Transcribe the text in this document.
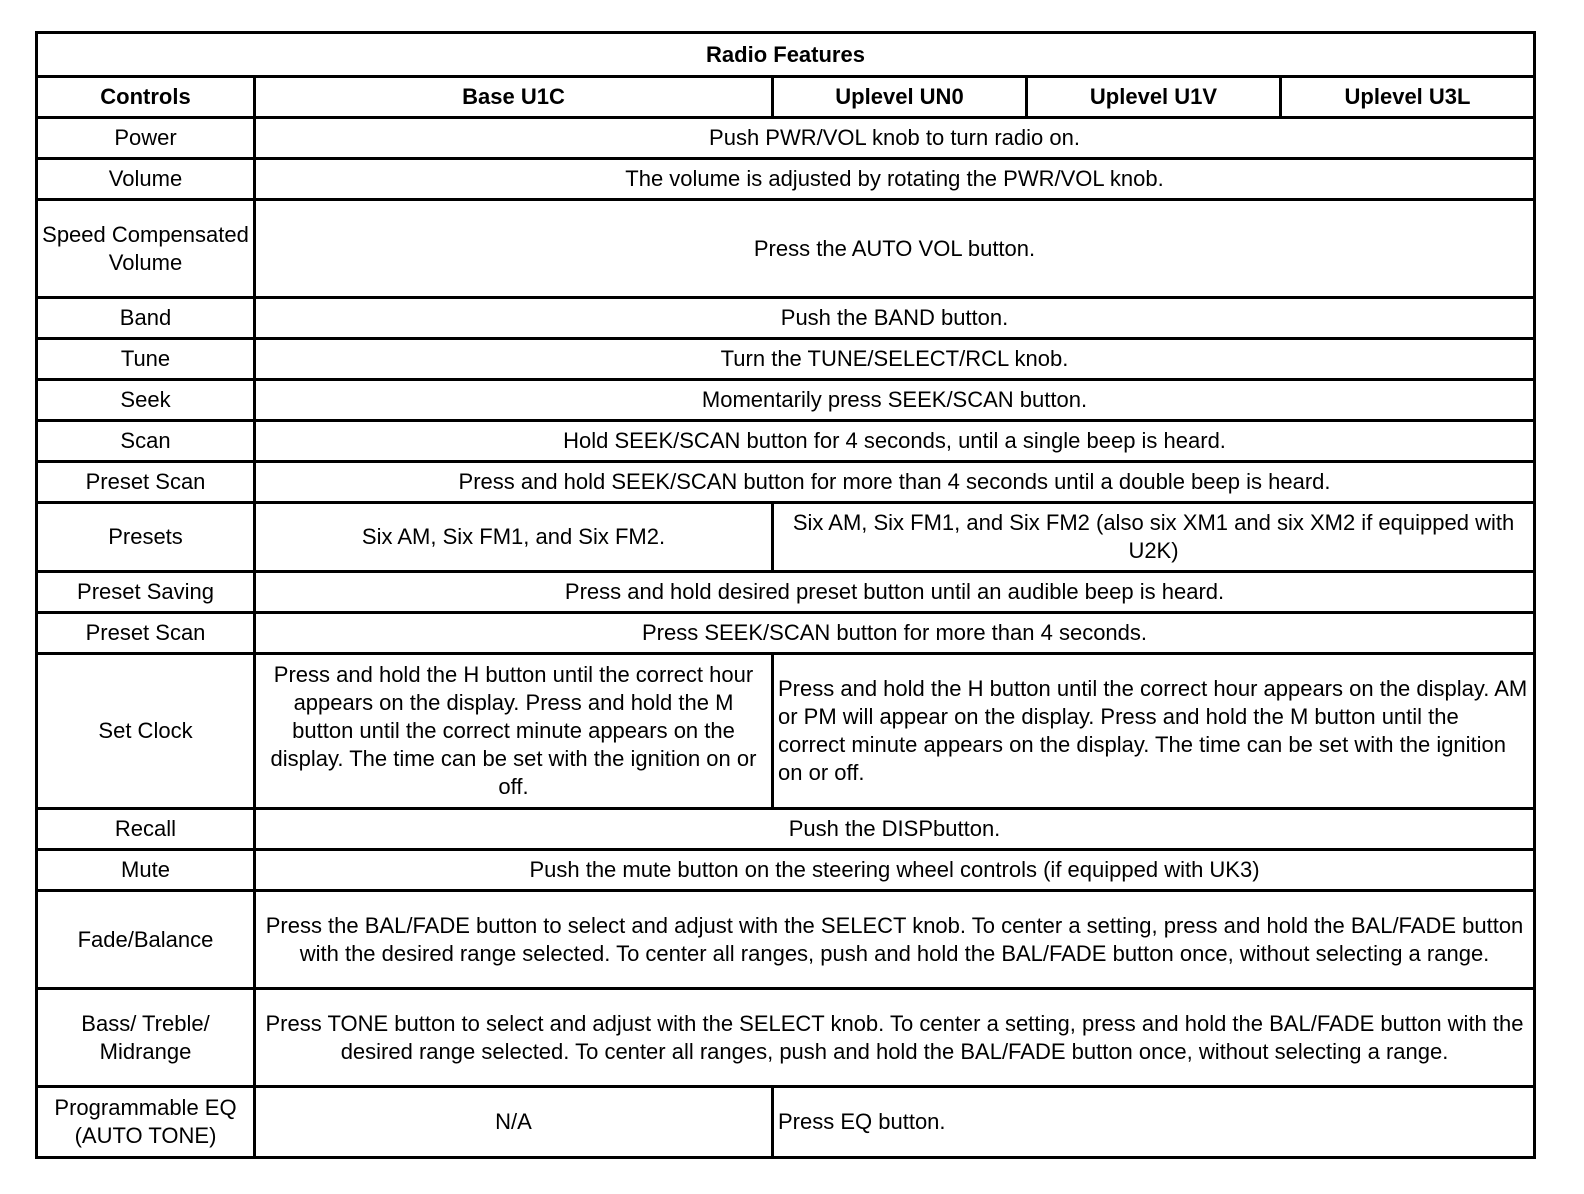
Radio Features				
Controls	Base U1C	Uplevel UN0	Uplevel U1V	Uplevel U3L
Power	Push PWR/VOL knob to turn radio on.			
Volume	The volume is adjusted by rotating the PWR/VOL knob.			
Speed Compensated Volume	Press the AUTO VOL button.			
Band	Push the BAND button.			
Tune	Turn the TUNE/SELECT/RCL knob.			
Seek	Momentarily press SEEK/SCAN button.			
Scan	Hold SEEK/SCAN button for 4 seconds, until a single beep is heard.			
Preset Scan	Press and hold SEEK/SCAN button for more than 4 seconds until a double beep is heard.			
Presets	Six AM, Six FM1, and Six FM2.	Six AM, Six FM1, and Six FM2 (also six XM1 and six XM2 if equipped with U2K)		
Preset Saving	Press and hold desired preset button until an audible beep is heard.			
Preset Scan	Press SEEK/SCAN button for more than 4 seconds.			
Set Clock	Press and hold the H button until the correct hour appears on the display. Press and hold the M button until the correct minute appears on the display. The time can be set with the ignition on or off.	Press and hold the H button until the correct hour appears on the display. AM or PM will appear on the display. Press and hold the M button until the correct minute appears on the display. The time can be set with the ignition on or off.		
Recall	Push the DISPbutton.			
Mute	Push the mute button on the steering wheel controls (if equipped with UK3)			
Fade/Balance	Press the BAL/FADE button to select and adjust with the SELECT knob. To center a setting, press and hold the BAL/FADE button with the desired range selected. To center all ranges, push and hold the BAL/FADE button once, without selecting a range.			
Bass/ Treble/ Midrange	Press TONE button to select and adjust with the SELECT knob. To center a setting, press and hold the BAL/FADE button with the desired range selected. To center all ranges, push and hold the BAL/FADE button once, without selecting a range.			
Programmable EQ (AUTO TONE)	N/A	Press EQ button.		
